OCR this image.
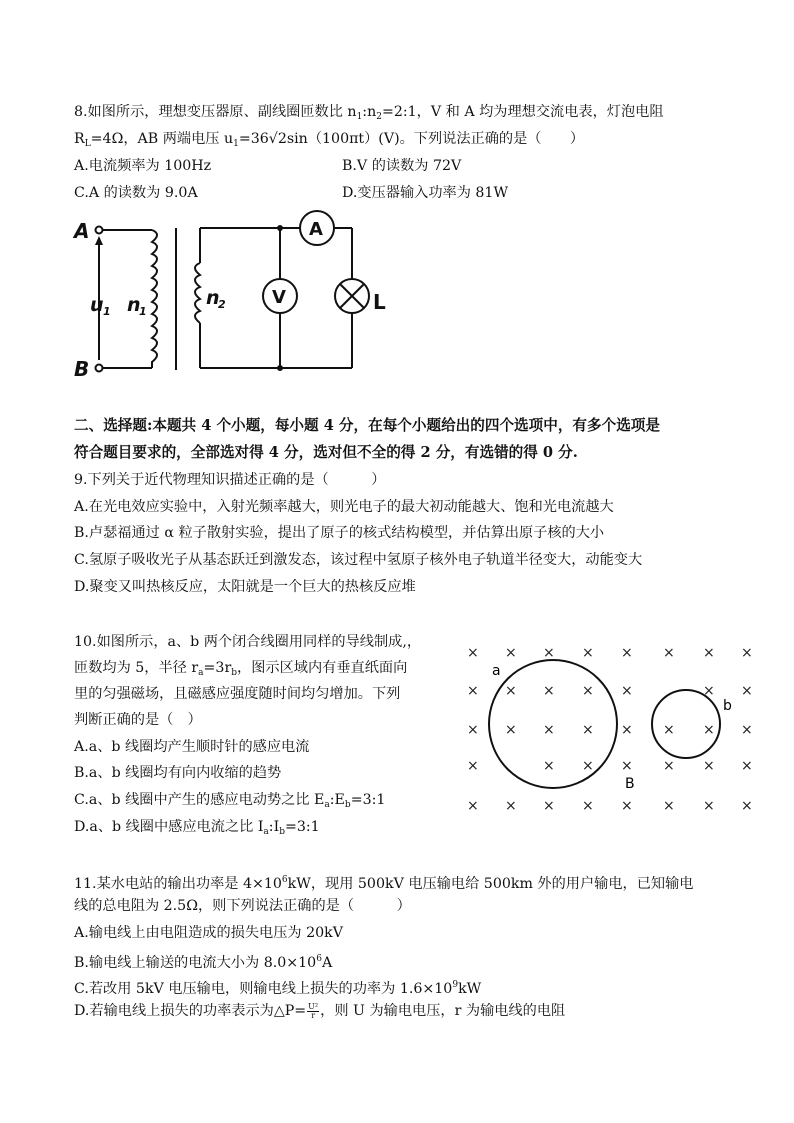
8.如图所示，理想变压器原、副线圈匝数比 $n_1:n_2=2:1$，V 和 A 均为理想交流电表，灯泡电阻
$R_L=4\Omega$，AB 两端电压 $u_1=36√2\sin(100\pi t)(V)$。下列说法正确的是（　　）
A.电流频率为 100Hz	B.V 的读数为 72V
C.A 的读数为 9.0A	D.变压器输入功率为 81W
A
B
u 1 n
1
n
2
A
V	L
二、选择题:本题共 4 个小题，每小题 4 分，在每个小题给出的四个选项中，有多个选项是
符合题目要求的，全部选对得 4 分，选对但不全的得 2 分，有选错的得 0 分.
9.下列关于近代物理知识描述正确的是（　　　）
A.在光电效应实验中，入射光频率越大，则光电子的最大初动能越大、饱和光电流越大
B.卢瑟福通过 α 粒子散射实验，提出了原子的核式结构模型，并估算出原子核的大小
C.氢原子吸收光子从基态跃迁到激发态，该过程中氢原子核外电子轨道半径变大，动能变大
D.聚变又叫热核反应，太阳就是一个巨大的热核反应堆
10.如图所示，a、b 两个闭合线圈用同样的导线制成,，
匝数均为 5，半径 $r_a=3r_b$，图示区域内有垂直纸面向
里的匀强磁场，且磁感应强度随时间均匀增加。下列
判断正确的是（　）
A.a、b 线圈均产生顺时针的感应电流
B.a、b 线圈均有向内收缩的趋势
C.a、b 线圈中产生的感应电动势之比 $E_a:E_b=3:1$
D.a、b 线圈中感应电流之比 $I_a:I_b=3:1$
× × × × × × × ×
× × × × ×	× ×
× × × × × × × ×
×	× × × × × ×
× × × × × × × ×
a
b
B
11.某水电站的输出功率是 $4\times 10^6kW$，现用 500kV 电压输电给 500km 外的用户输电，已知输电
线的总电阻为 2.5Ω，则下列说法正确的是（　　　）
A.输电线上由电阻造成的损失电压为 20kV
B.输电线上输送的电流大小为 $8.0\times 10^6A$
C.若改用 5kV 电压输电，则输电线上损失的功率为 $1.6\times 10^9kW$
D.若输电线上损失的功率表示为△P= $\frac{\text{U²}}{r}$ ，则 U 为输电电压，r 为输电线的电阻
